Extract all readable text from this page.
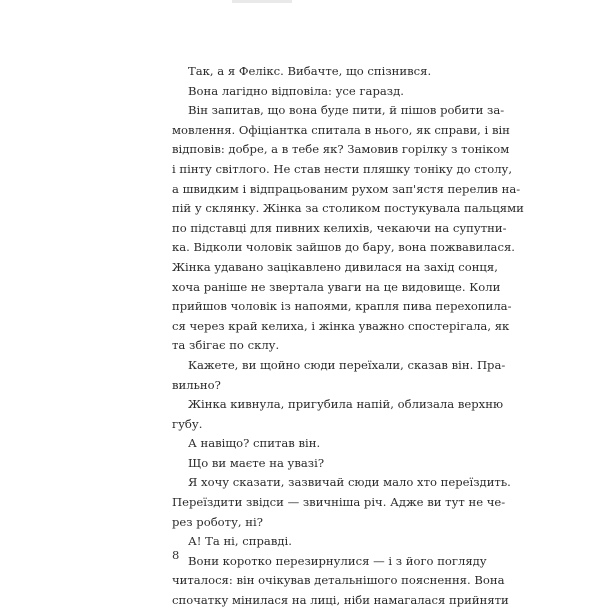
Так, а я Фелікс. Вибачте, що спізнився.
Вона лагідно відповіла: усе гаразд.
Він запитав, що вона буде пити, й пішов робити за-
мовлення. Офіціантка спитала в нього, як справи, і він
відповів: добре, а в тебе як? Замовив горілку з тоніком
і пінту світлого. Не став нести пляшку тоніку до столу,
а швидким і відпрацьованим рухом зап'ястя перелив на-
пій у склянку. Жінка за столиком постукувала пальцями
по підставці для пивних келихів, чекаючи на супутни-
ка. Відколи чоловік зайшов до бару, вона пожвавилася.
Жінка удавано зацікавлено дивилася на захід сонця,
хоча раніше не звертала уваги на це видовище. Коли
прийшов чоловік із напоями, крапля пива перехопила-
ся через край келиха, і жінка уважно спостерігала, як
та збігає по склу.
Кажете, ви щойно сюди переїхали, сказав він. Пра-
вильно?
Жінка кивнула, пригубила напій, облизала верхню
губу.
А навіщо? спитав він.
Що ви маєте на увазі?
Я хочу сказати, зазвичай сюди мало хто переїздить.
Переїздити звідси — звичніша річ. Адже ви тут не че-
рез роботу, ні?
А! Та ні, справді.
Вони коротко перезирнулися — і з його погляду
читалося: він очікував детальнішого пояснення. Вона
спочатку мінилася на лиці, ніби намагалася прийняти
8
